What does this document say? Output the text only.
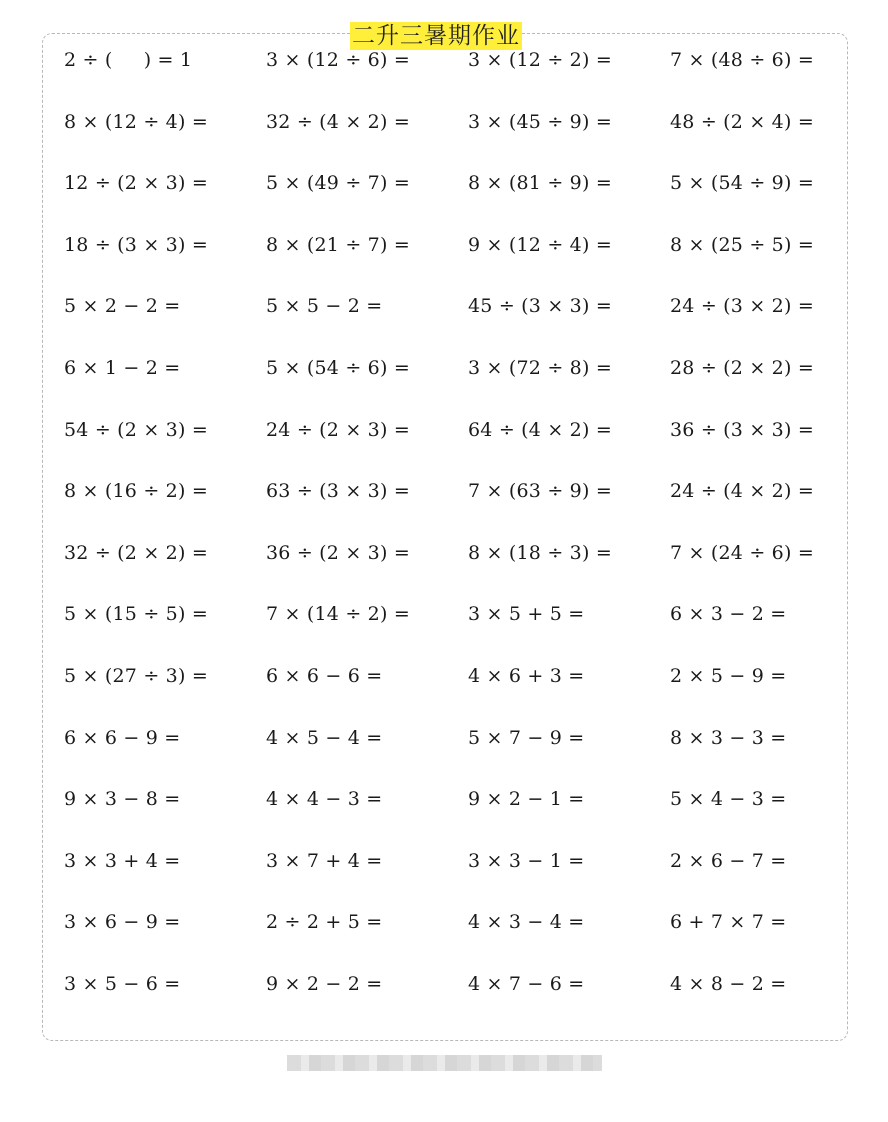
二升三暑期作业
2 ÷ (     ) = 1	3 × (12 ÷ 6) =	3 × (12 ÷ 2) =	7 × (48 ÷ 6) =
8 × (12 ÷ 4) =	32 ÷ (4 × 2) =	3 × (45 ÷ 9) =	48 ÷ (2 × 4) =
12 ÷ (2 × 3) =	5 × (49 ÷ 7) =	8 × (81 ÷ 9) =	5 × (54 ÷ 9) =
18 ÷ (3 × 3) =	8 × (21 ÷ 7) =	9 × (12 ÷ 4) =	8 × (25 ÷ 5) =
5 × 2 − 2 =	5 × 5 − 2 =	45 ÷ (3 × 3) =	24 ÷ (3 × 2) =
6 × 1 − 2 =	5 × (54 ÷ 6) =	3 × (72 ÷ 8) =	28 ÷ (2 × 2) =
54 ÷ (2 × 3) =	24 ÷ (2 × 3) =	64 ÷ (4 × 2) =	36 ÷ (3 × 3) =
8 × (16 ÷ 2) =	63 ÷ (3 × 3) =	7 × (63 ÷ 9) =	24 ÷ (4 × 2) =
32 ÷ (2 × 2) =	36 ÷ (2 × 3) =	8 × (18 ÷ 3) =	7 × (24 ÷ 6) =
5 × (15 ÷ 5) =	7 × (14 ÷ 2) =	3 × 5 + 5 =	6 × 3 − 2 =
5 × (27 ÷ 3) =	6 × 6 − 6 =	4 × 6 + 3 =	2 × 5 − 9 =
6 × 6 − 9 =	4 × 5 − 4 =	5 × 7 − 9 =	8 × 3 − 3 =
9 × 3 − 8 =	4 × 4 − 3 =	9 × 2 − 1 =	5 × 4 − 3 =
3 × 3 + 4 =	3 × 7 + 4 =	3 × 3 − 1 =	2 × 6 − 7 =
3 × 6 − 9 =	2 ÷ 2 + 5 =	4 × 3 − 4 =	6 + 7 × 7 =
3 × 5 − 6 =	9 × 2 − 2 =	4 × 7 − 6 =	4 × 8 − 2 =
